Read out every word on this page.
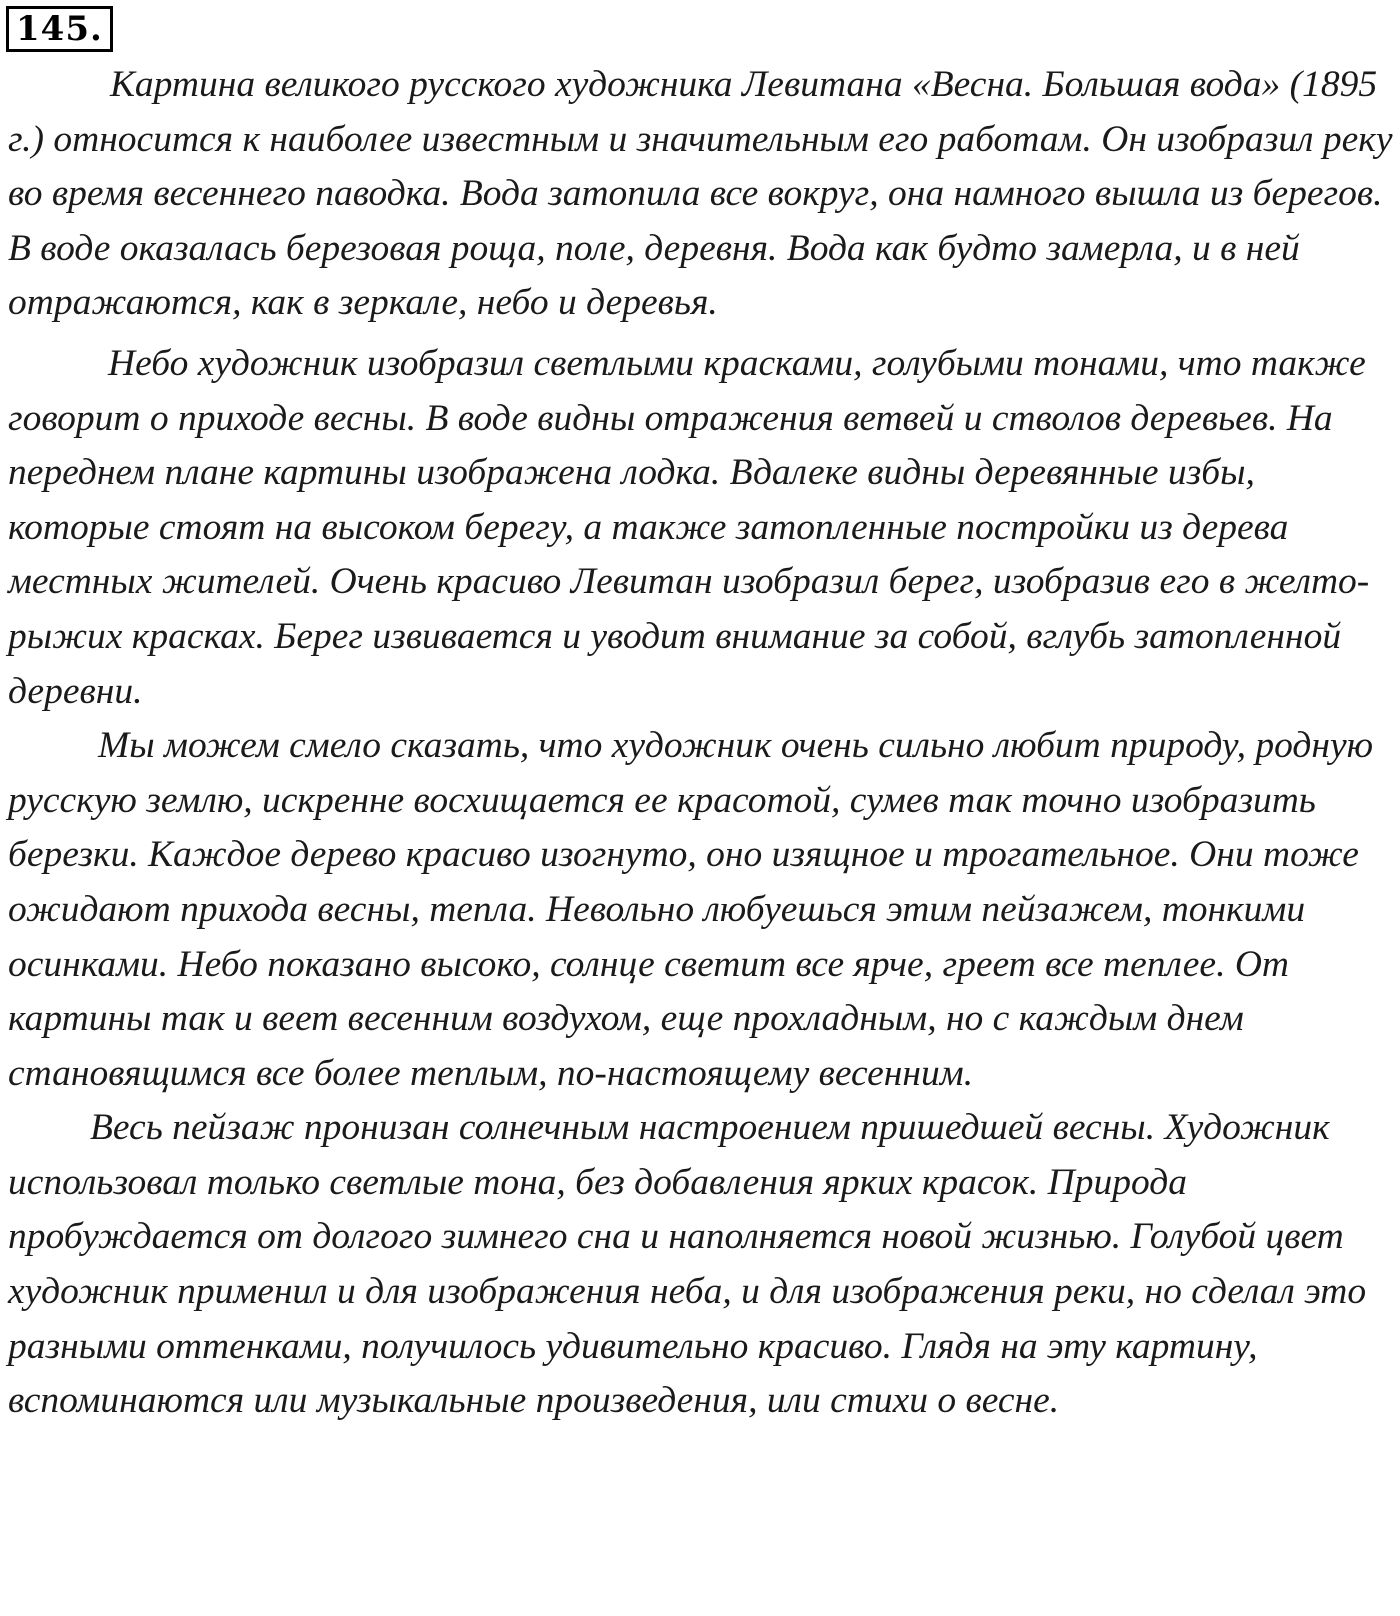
145.

Картина великого русского художника Левитана «Весна. Большая вода» (1895 г.) относится к наиболее известным и значительным его работам. Он изобразил реку во время весеннего паводка. Вода затопила все вокруг, она намного вышла из берегов. В воде оказалась березовая роща, поле, деревня. Вода как будто замерла, и в ней отражаются, как в зеркале, небо и деревья.

Небо художник изобразил светлыми красками, голубыми тонами, что также говорит о приходе весны. В воде видны отражения ветвей и стволов деревьев. На переднем плане картины изображена лодка. Вдалеке видны деревянные избы, которые стоят на высоком берегу, а также затопленные постройки из дерева местных жителей. Очень красиво Левитан изобразил берег, изобразив его в желто-рыжих красках. Берег извивается и уводит внимание за собой, вглубь затопленной деревни.

Мы можем смело сказать, что художник очень сильно любит природу, родную русскую землю, искренне восхищается ее красотой, сумев так точно изобразить березки. Каждое дерево красиво изогнуто, оно изящное и трогательное. Они тоже ожидают прихода весны, тепла. Невольно любуешься этим пейзажем, тонкими осинками. Небо показано высоко, солнце светит все ярче, греет все теплее. От картины так и веет весенним воздухом, еще прохладным, но с каждым днем становящимся все более теплым, по-настоящему весенним.

Весь пейзаж пронизан солнечным настроением пришедшей весны. Художник использовал только светлые тона, без добавления ярких красок. Природа пробуждается от долгого зимнего сна и наполняется новой жизнью. Голубой цвет художник применил и для изображения неба, и для изображения реки, но сделал это разными оттенками, получилось удивительно красиво. Глядя на эту картину, вспоминаются или музыкальные произведения, или стихи о весне.
